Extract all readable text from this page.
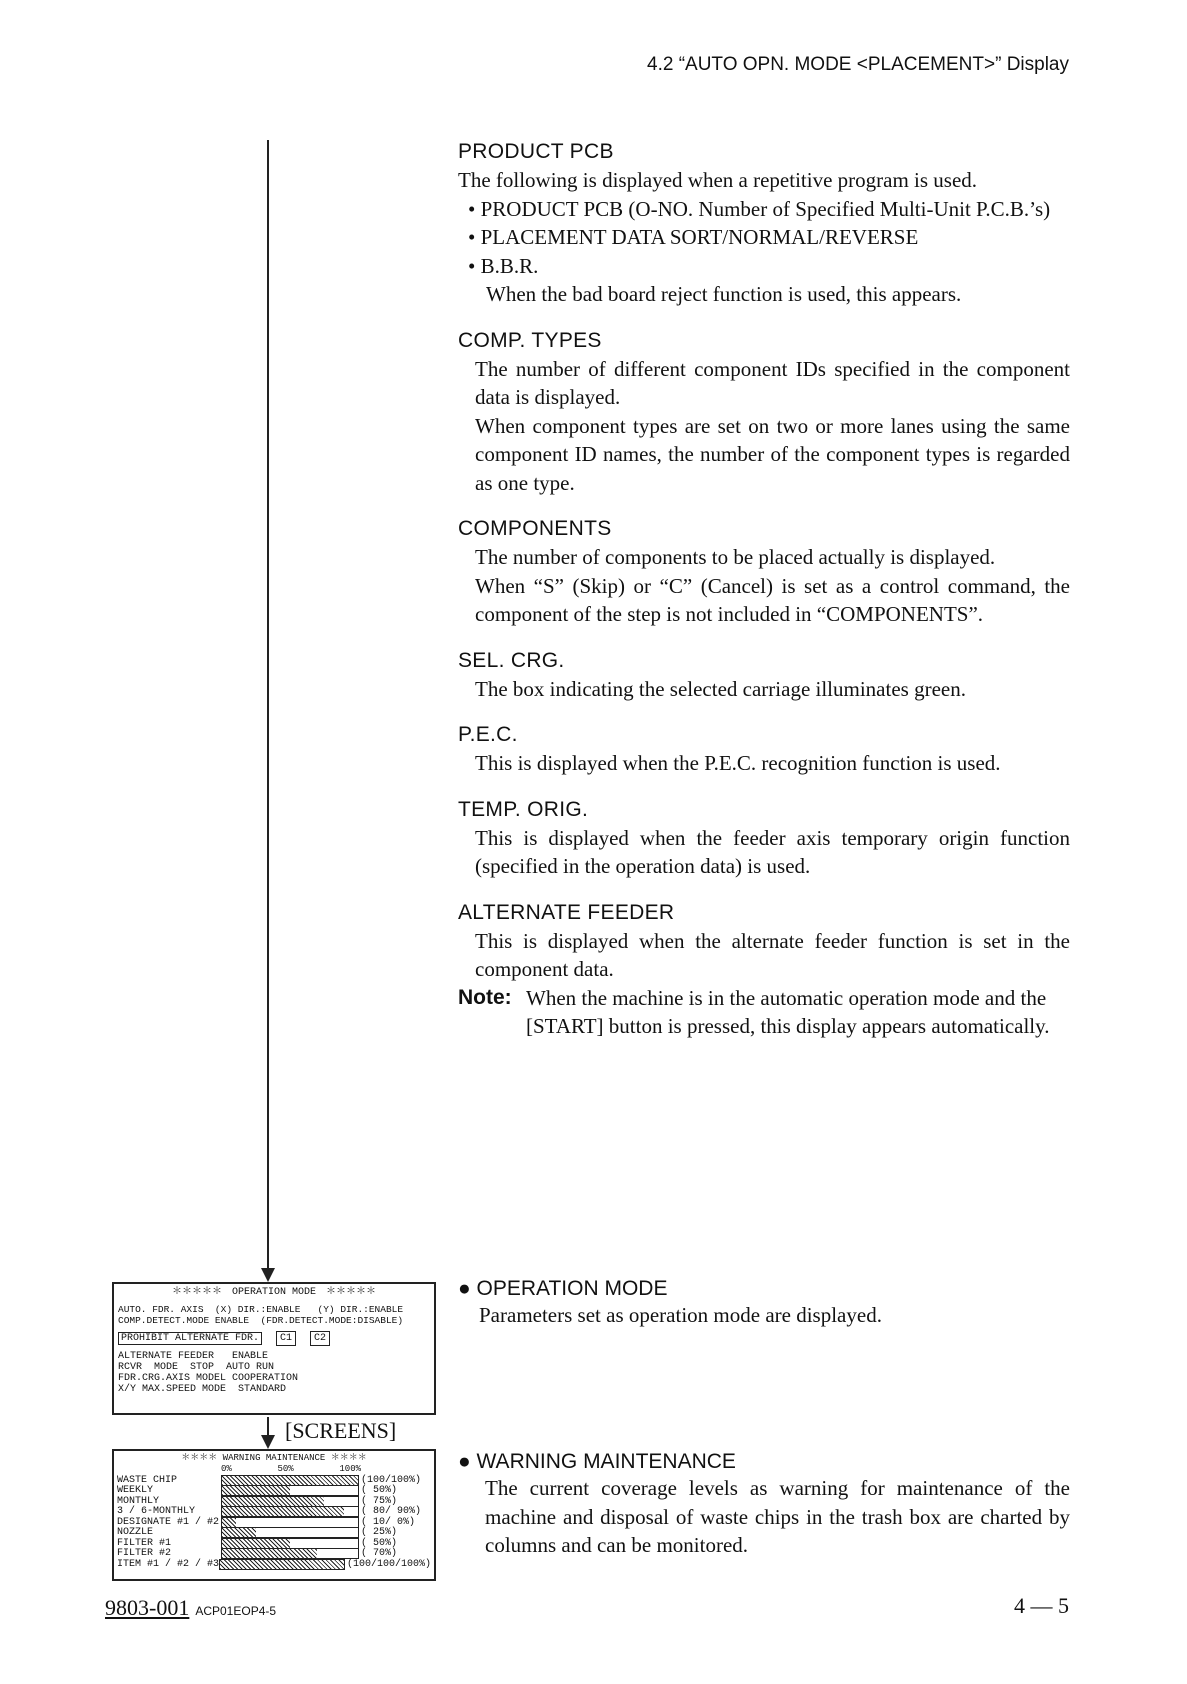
4.2 “AUTO OPN. MODE <PLACEMENT>” Display

PRODUCT PCB

The following is displayed when a repetitive program is used.

• PRODUCT PCB (O-NO. Number of Specified Multi-Unit P.C.B.’s)

• PLACEMENT DATA SORT/NORMAL/REVERSE

• B.B.R.

When the bad board reject function is used, this appears.

COMP. TYPES

The number of different component IDs specified in the component data is displayed.

When component types are set on two or more lanes using the same component ID names, the number of the component types is regarded as one type.

COMPONENTS

The number of components to be placed actually is displayed.

When “S” (Skip) or “C” (Cancel) is set as a control command, the component of the step is not included in “COMPONENTS”.

SEL. CRG.

The box indicating the selected carriage illuminates green.

P.E.C.

This is displayed when the P.E.C. recognition function is used.

TEMP. ORIG.

This is displayed when the feeder axis temporary origin function (specified in the operation data) is used.

ALTERNATE FEEDER

This is displayed when the alternate feeder function is set in the component data.

Note: When the machine is in the automatic operation mode and the [START] button is pressed, this display appears automatically.
＊＊＊＊＊　OPERATION MODE　＊＊＊＊＊
AUTO. FDR. AXIS  (X) DIR.:ENABLE   (Y) DIR.:ENABLE
COMP.DETECT.MODE ENABLE  (FDR.DETECT.MODE:DISABLE)
PROHIBIT ALTERNATE FDR.	C1	C2
ALTERNATE FEEDER   ENABLE
RCVR  MODE  STOP  AUTO RUN
FDR.CRG.AXIS MODEL COOPERATION
X/Y MAX.SPEED MODE  STANDARD
[SCREENS]
＊＊＊＊ WARNING MAINTENANCE ＊＊＊＊
0%	50%	100%
WASTE CHIP	(100/100%)
WEEKLY	( 50%)
MONTHLY	( 75%)
3 / 6-MONTHLY	( 80/ 90%)
DESIGNATE #1 / #2	( 10/ 0%)
NOZZLE	( 25%)
FILTER #1	( 50%)
FILTER #2	( 70%)
ITEM #1 / #2 / #3	(100/100/100%)
● OPERATION MODE
Parameters set as operation mode are displayed.
● WARNING MAINTENANCE
The current coverage levels as warning for maintenance of the machine and disposal of waste chips in the trash box are charted by columns and can be monitored.
9803-001 ACP01EOP4-5	4 — 5
